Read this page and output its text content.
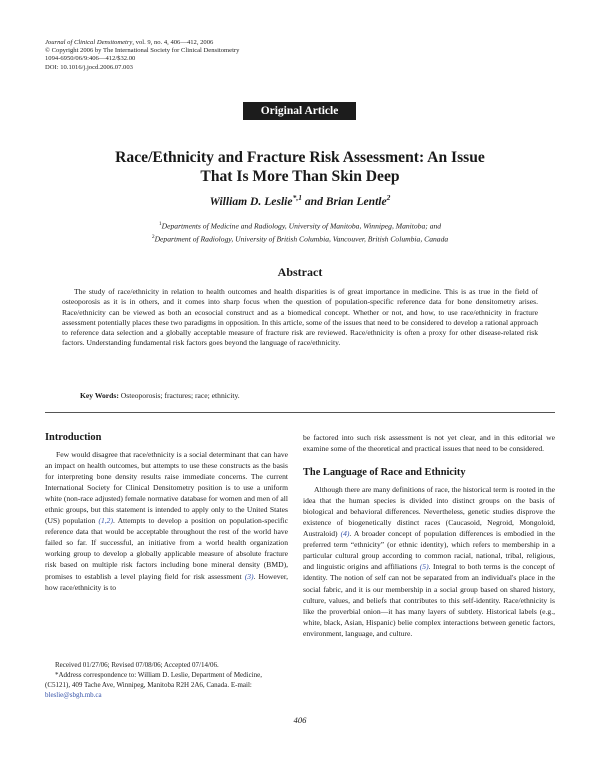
Journal of Clinical Densitometry, vol. 9, no. 4, 406—412, 2006
© Copyright 2006 by The International Society for Clinical Densitometry
1094-6950/06/9:406—412/$32.00
DOI: 10.1016/j.jocd.2006.07.003
Original Article
Race/Ethnicity and Fracture Risk Assessment: An Issue
That Is More Than Skin Deep
William D. Leslie$^{*,1}$ and Brian Lentle$^2$
$^1$Departments of Medicine and Radiology, University of Manitoba, Winnipeg, Manitoba; and
$^2$Department of Radiology, University of British Columbia, Vancouver, British Columbia, Canada
Abstract

The study of race/ethnicity in relation to health outcomes and health disparities is of great importance in medicine. This is as true in the field of osteoporosis as it is in others, and it comes into sharp focus when the question of population-specific reference data for bone densitometry arises. Race/ethnicity can be viewed as both an ecosocial construct and as a biomedical concept. Whether or not, and how, to use race/ethnicity in fracture assessment potentially places these two paradigms in opposition. In this article, some of the issues that need to be considered to develop a rational approach to reference data selection and a globally acceptable measure of fracture risk are reviewed. Race/ethnicity is often a proxy for other disease-related risk factors. Understanding fundamental risk factors goes beyond the language of race/ethnicity.

Key Words: Osteoporosis; fractures; race; ethnicity.
Introduction

Few would disagree that race/ethnicity is a social determinant that can have an impact on health outcomes, but attempts to use these constructs as the basis for interpreting bone density results raise immediate concerns. The current International Society for Clinical Densitometry position is to use a uniform white (non-race adjusted) female normative database for women and men of all ethnic groups, but this statement is intended to apply only to the United States (US) population (1,2). Attempts to develop a position on population-specific reference data that would be acceptable throughout the rest of the world have failed so far. If successful, an initiative from a world health organization working group to develop a globally applicable measure of absolute fracture risk based on multiple risk factors including bone mineral density (BMD), promises to establish a level playing field for risk assessment (3). However, how race/ethnicity is to

be factored into such risk assessment is not yet clear, and in this editorial we examine some of the theoretical and practical issues that need to be considered.

The Language of Race and Ethnicity

Although there are many definitions of race, the historical term is rooted in the idea that the human species is divided into distinct groups on the basis of biological and behavioral differences. Nevertheless, genetic studies disprove the existence of biogenetically distinct races (Caucasoid, Negroid, Mongoloid, Australoid) (4). A broader concept of population differences is embodied in the preferred term “ethnicity” (or ethnic identity), which refers to membership in a particular cultural group according to common racial, national, tribal, religious, and linguistic origins and affiliations (5). Integral to both terms is the concept of identity. The notion of self can not be separated from an individual's place in the social fabric, and it is our membership in a social group based on shared history, culture, values, and beliefs that contributes to this self-identity. Race/ethnicity is like the proverbial onion—it has many layers of subtlety. Historical labels (e.g., white, black, Asian, Hispanic) belie complex interactions between genetic factors, environment, language, and culture.

Received 01/27/06; Revised 07/08/06; Accepted 07/14/06.
*Address correspondence to: William D. Leslie, Department of Medicine, (C5121), 409 Tache Ave, Winnipeg, Manitoba R2H 2A6, Canada. E-mail: bleslie@sbgh.mb.ca
406
